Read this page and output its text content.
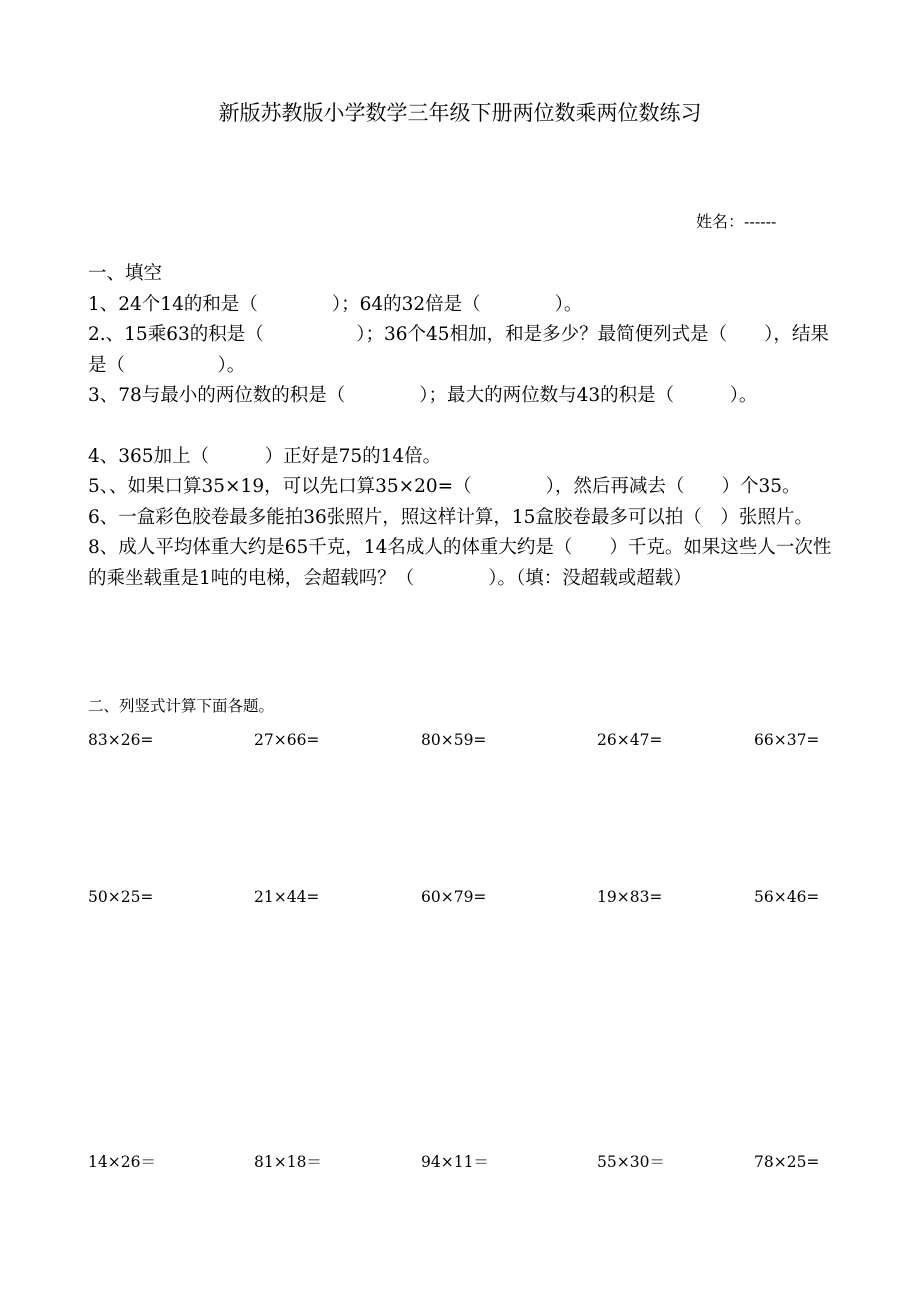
新版苏教版小学数学三年级下册两位数乘两位数练习
姓名：------

一、填空

1、24个14的和是（　　　　）；64的32倍是（　　　　）。

2.、15乘63的积是（　　　　　）；36个45相加，和是多少？最简便列式是（　　），结果是（　　　　　）。

3、78与最小的两位数的积是（　　　　）；最大的两位数与43的积是（　　　）。

4、365加上（　　　）正好是75的14倍。

5、、如果口算35×19，可以先口算35×20=（　　　　），然后再减去（　　）个35。

6、一盒彩色胶卷最多能拍36张照片，照这样计算，15盒胶卷最多可以拍（　）张照片。

8、成人平均体重大约是65千克，14名成人的体重大约是（　　）千克。如果这些人一次性的乘坐载重是1吨的电梯，会超载吗？（　　　　）。（填：没超载或超载）

二、列竖式计算下面各题。
83×26=	27×66=	80×59=	26×47=	66×37=
50×25=	21×44=	60×79=	19×83=	56×46=
14×26＝	81×18＝	94×11＝	55×30＝	78×25=
